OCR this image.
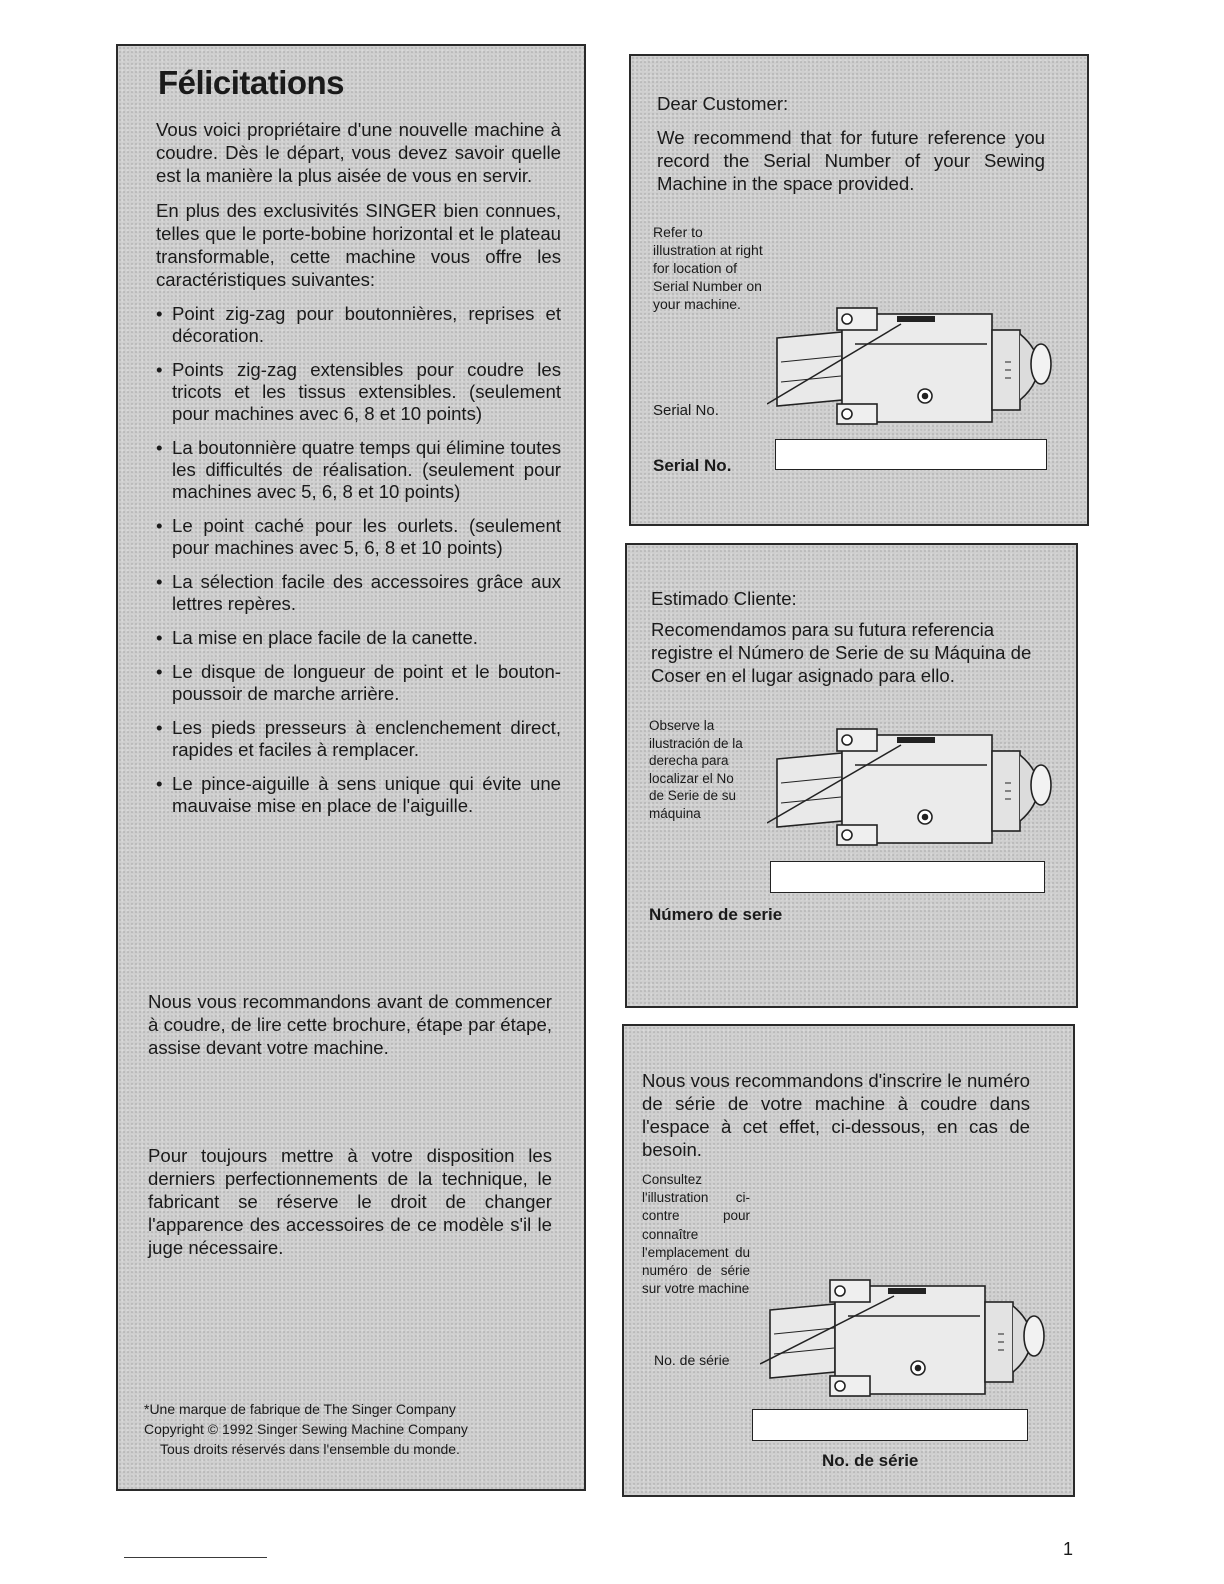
Félicitations

Vous voici propriétaire d'une nouvelle machine à coudre. Dès le départ, vous devez savoir quelle est la manière la plus aisée de vous en servir.

En plus des exclusivités SINGER bien connues, telles que le porte-bobine horizontal et le plateau transformable, cette machine vous offre les caractéristiques suivantes:

• Point zig-zag pour boutonnières, reprises et décoration.
• Points zig-zag extensibles pour coudre les tricots et les tissus extensibles. (seulement pour machines avec 6, 8 et 10 points)
• La boutonnière quatre temps qui élimine toutes les difficultés de réalisation. (seulement pour machines avec 5, 6, 8 et 10 points)
• Le point caché pour les ourlets. (seulement pour machines avec 5, 6, 8 et 10 points)
• La sélection facile des accessoires grâce aux lettres repères.
• La mise en place facile de la canette.
• Le disque de longueur de point et le bouton-poussoir de marche arrière.
• Les pieds presseurs à enclenchement direct, rapides et faciles à remplacer.
• Le pince-aiguille à sens unique qui évite une mauvaise mise en place de l'aiguille.

Nous vous recommandons avant de commencer à coudre, de lire cette brochure, étape par étape, assise devant votre machine.

Pour toujours mettre à votre disposition les derniers perfectionnements de la technique, le fabricant se réserve le droit de changer l'apparence des accessoires de ce modèle s'il le juge nécessaire.

*Une marque de fabrique de The Singer Company
Copyright © 1992 Singer Sewing Machine Company
Tous droits réservés dans l'ensemble du monde.

Dear Customer:

We recommend that for future reference you record the Serial Number of your Sewing Machine in the space provided.

Refer to illustration at right for location of Serial Number on your machine.

Serial No.

Serial No.

Estimado Cliente:

Recomendamos para su futura referencia registre el Número de Serie de su Máquina de Coser en el lugar asignado para ello.

Observe la ilustración de la derecha para localizar el No de Serie de su máquina

Número de serie

Nous vous recommandons d'inscrire le numéro de série de votre machine à coudre dans l'espace à cet effet, ci-dessous, en cas de besoin.

Consultez l'illustration ci-contre pour connaître l'emplacement du numéro de série sur votre machine

No. de série

No. de série

1
